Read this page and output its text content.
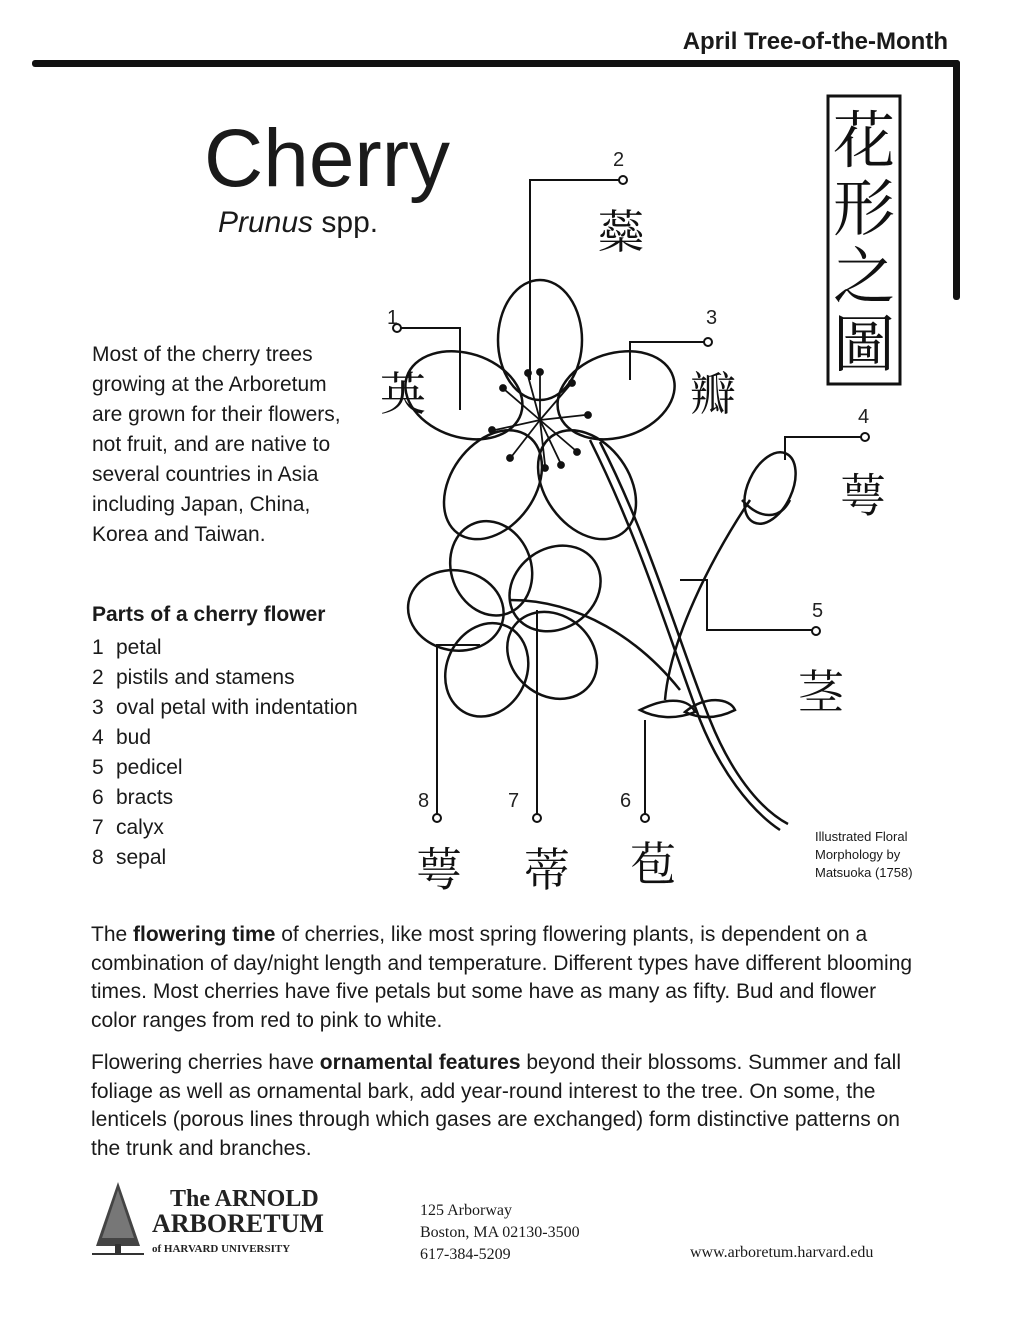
April Tree-of-the-Month
Cherry
Prunus spp.
Most of the cherry trees growing at the Arboretum are grown for their flowers, not fruit, and are native to several countries in Asia including Japan, China, Korea and Taiwan.
Parts of a cherry flower
1 petal
2 pistils and stamens
3 oval petal with indentation
4 bud
5 pedicel
6 bracts
7 calyx
8 sepal
花
形
之
圖
1
2
3
4
5
6
7
8
英
蘂
瓣
萼
茎
苞
蒂
萼
Illustrated Floral
Morphology by
Matsuoka (1758)
The flowering time of cherries, like most spring flowering plants, is dependent on a combination of day/night length and temperature. Different types have different blooming times. Most cherries have five petals but some have as many as fifty. Bud and flower color ranges from red to pink to white.
Flowering cherries have ornamental features beyond their blossoms. Summer and fall foliage as well as ornamental bark, add year-round interest to the tree. On some, the lenticels (porous lines through which gases are exchanged) form distinctive patterns on the trunk and branches.
The ARNOLD
ARBORETUM
of HARVARD UNIVERSITY
125 Arborway
Boston, MA 02130-3500
617-384-5209	www.arboretum.harvard.edu
